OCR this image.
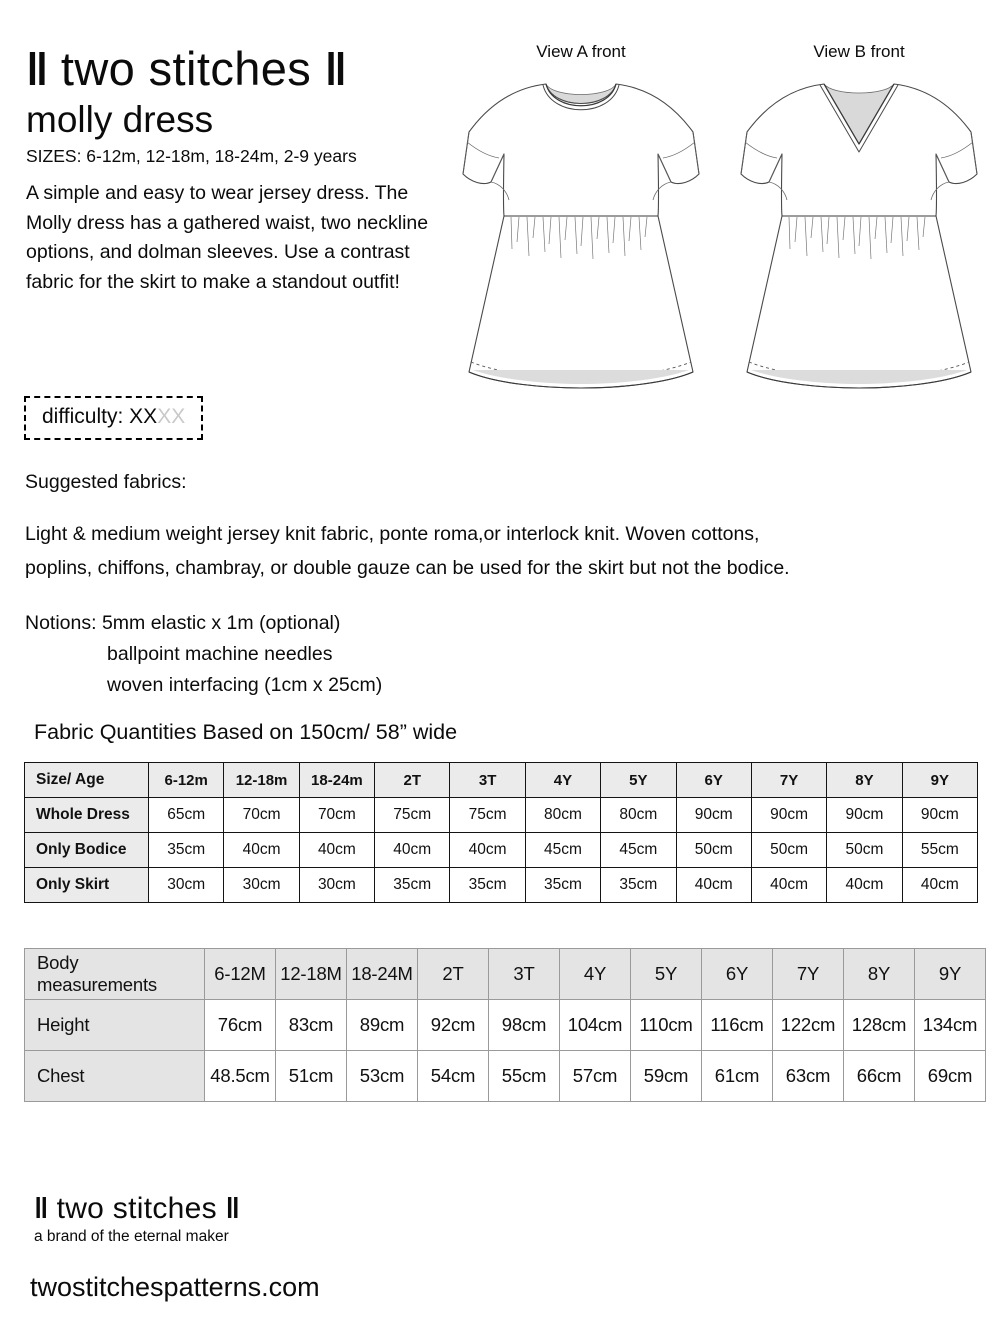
‖ two stitches ‖
molly dress
SIZES: 6-12m, 12-18m, 18-24m, 2-9 years
A simple and easy to wear jersey dress. The Molly dress has a gathered waist, two neckline options, and dolman sleeves. Use a contrast fabric for the skirt to make a standout outfit!
difficulty: XXXX
View A front	View B front
Suggested fabrics:
Light & medium weight jersey knit fabric, ponte roma,or interlock knit. Woven cottons,
poplins, chiffons, chambray, or double gauze can be used for the skirt but not the bodice.
Notions: 5mm elastic x 1m (optional)
ballpoint machine needles
woven interfacing (1cm x 25cm)
Fabric Quantities Based on 150cm/ 58” wide
Size/ Age	6-12m	12-18m	18-24m	2T	3T	4Y	5Y	6Y	7Y	8Y	9Y
Whole Dress	65cm	70cm	70cm	75cm	75cm	80cm	80cm	90cm	90cm	90cm	90cm
Only Bodice	35cm	40cm	40cm	40cm	40cm	45cm	45cm	50cm	50cm	50cm	55cm
Only Skirt	30cm	30cm	30cm	35cm	35cm	35cm	35cm	40cm	40cm	40cm	40cm
Body measurements	6-12M	12-18M	18-24M	2T	3T	4Y	5Y	6Y	7Y	8Y	9Y
Height	76cm	83cm	89cm	92cm	98cm	104cm	110cm	116cm	122cm	128cm	134cm
Chest	48.5cm	51cm	53cm	54cm	55cm	57cm	59cm	61cm	63cm	66cm	69cm
‖ two stitches ‖
a brand of the eternal maker
twostitchespatterns.com
